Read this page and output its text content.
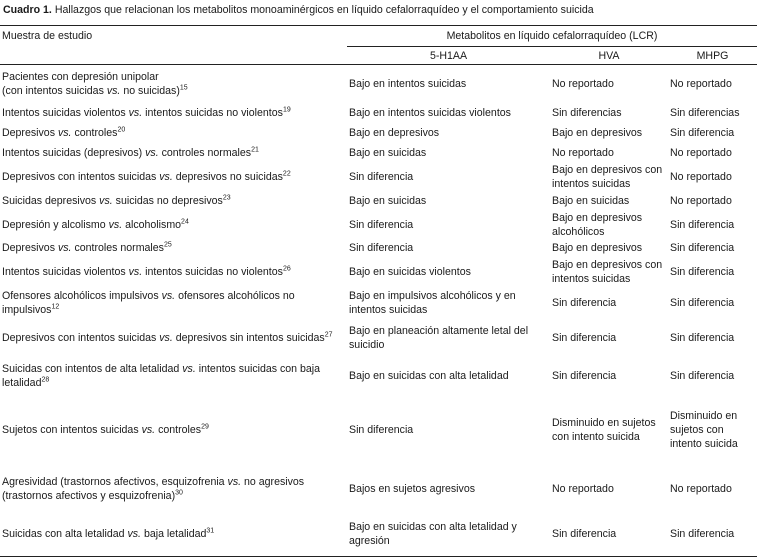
Cuadro 1. Hallazgos que relacionan los metabolitos monoaminérgicos en líquido cefalorraquídeo y el comportamiento suicida
Muestra de estudio	Metabolitos en líquido cefalorraquídeo (LCR)		
	5-H1AA	HVA	MHPG
Pacientes con depresión unipolar
(con intentos suicidas vs. no suicidas)$^{15}$	Bajo en intentos suicidas	No reportado	No reportado
Intentos suicidas violentos vs. intentos suicidas no violentos$^{19}$	Bajo en intentos suicidas violentos	Sin diferencias	Sin diferencias
Depresivos vs. controles$^{20}$	Bajo en depresivos	Bajo en depresivos	Sin diferencia
Intentos suicidas (depresivos) vs. controles normales$^{21}$	Bajo en suicidas	No reportado	No reportado
Depresivos con intentos suicidas vs. depresivos no suicidas$^{22}$	Sin diferencia	Bajo en depresivos con intentos suicidas	No reportado
Suicidas depresivos vs. suicidas no depresivos$^{23}$	Bajo en suicidas	Bajo en suicidas	No reportado
Depresión y alcolismo vs. alcoholismo$^{24}$	Sin diferencia	Bajo en depresivos alcohólicos	Sin diferencia
Depresivos vs. controles normales$^{25}$	Sin diferencia	Bajo en depresivos	Sin diferencia
Intentos suicidas violentos vs. intentos suicidas no violentos$^{26}$	Bajo en suicidas violentos	Bajo en depresivos con intentos suicidas	Sin diferencia
Ofensores alcohólicos impulsivos vs. ofensores alcohólicos no impulsivos$^{12}$	Bajo en impulsivos alcohólicos y en intentos suicidas	Sin diferencia	Sin diferencia
Depresivos con intentos suicidas vs. depresivos sin intentos suicidas$^{27}$	Bajo en planeación altamente letal del suicidio	Sin diferencia	Sin diferencia
Suicidas con intentos de alta letalidad vs. intentos suicidas con baja letalidad$^{28}$	Bajo en suicidas con alta letalidad	Sin diferencia	Sin diferencia
Sujetos con intentos suicidas vs. controles$^{29}$	Sin diferencia	Disminuido en sujetos con intento suicida	Disminuido en sujetos con intento suicida
Agresividad (trastornos afectivos, esquizofrenia vs. no agresivos (trastornos afectivos y esquizofrenia)$^{30}$	Bajos en sujetos agresivos	No reportado	No reportado
Suicidas con alta letalidad vs. baja letalidad$^{31}$	Bajo en suicidas con alta letalidad y agresión	Sin diferencia	Sin diferencia
